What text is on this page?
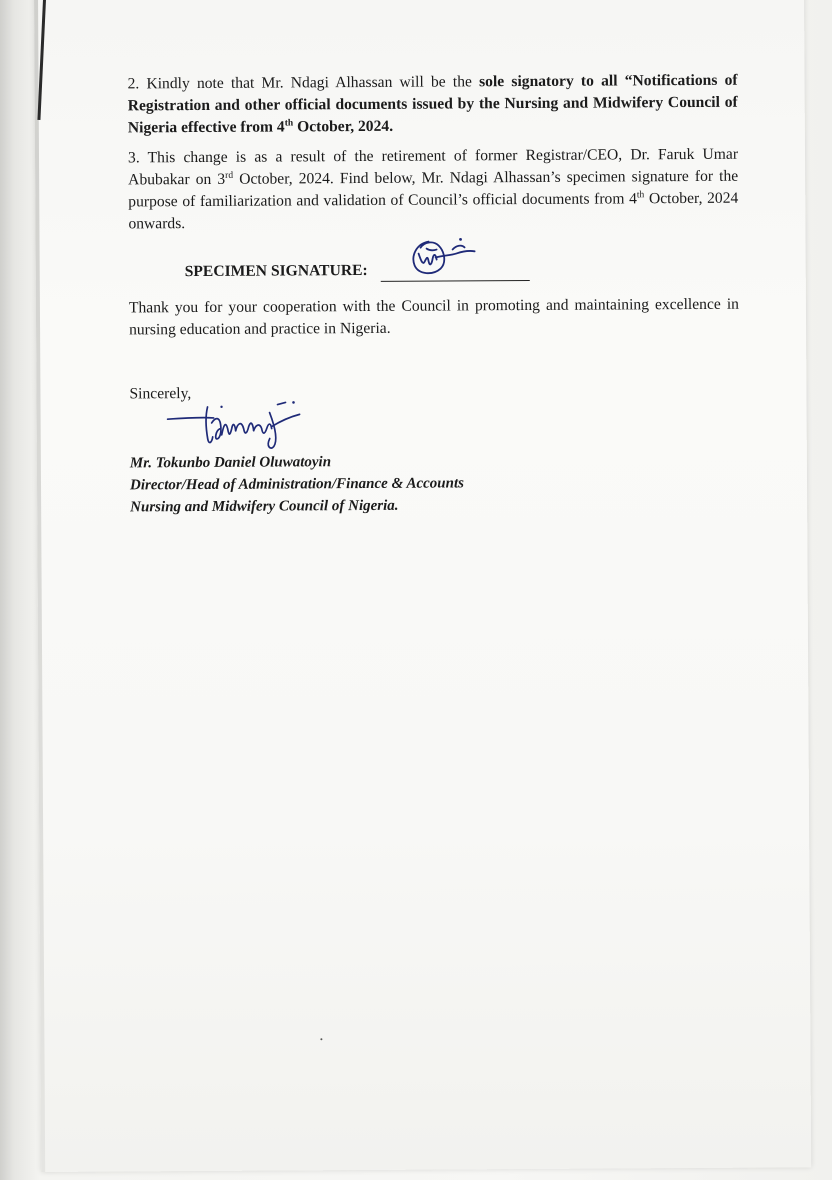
2. Kindly note that Mr. Ndagi Alhassan will be the sole signatory to all “Notifications of Registration and other official documents issued by the Nursing and Midwifery Council of Nigeria effective from 4th October, 2024.

3. This change is as a result of the retirement of former Registrar/CEO, Dr. Faruk Umar Abubakar on 3rd October, 2024. Find below, Mr. Ndagi Alhassan’s specimen signature for the purpose of familiarization and validation of Council’s official documents from 4th October, 2024 onwards.

SPECIMEN SIGNATURE:

Thank you for your cooperation with the Council in promoting and maintaining excellence in nursing education and practice in Nigeria.

Sincerely,
Mr. Tokunbo Daniel Oluwatoyin
Director/Head of Administration/Finance & Accounts
Nursing and Midwifery Council of Nigeria.
